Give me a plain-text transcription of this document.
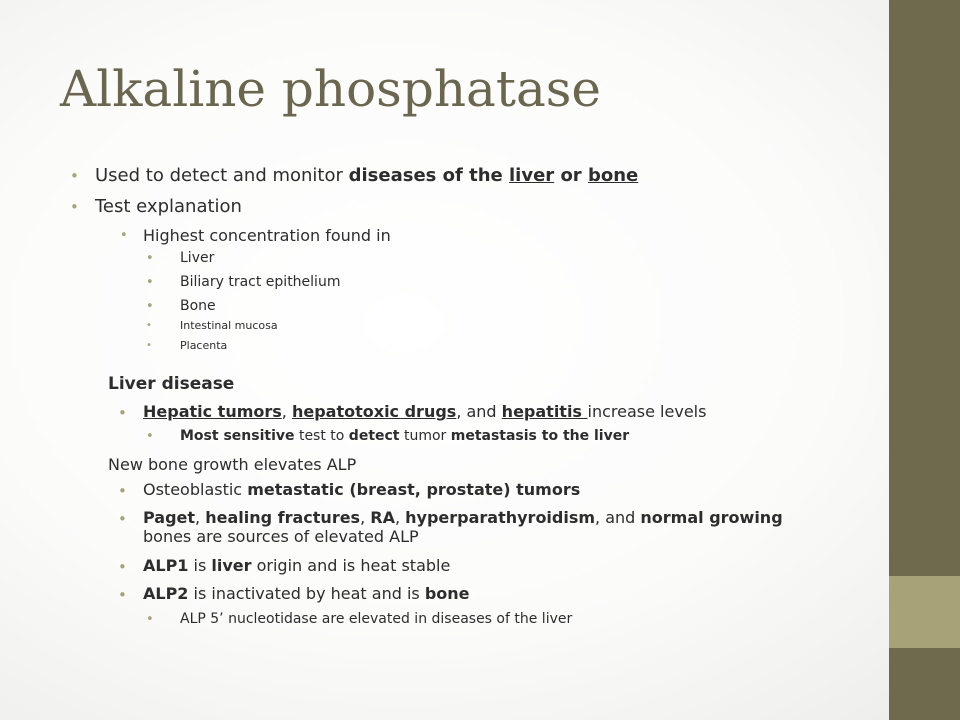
Alkaline phosphatase
• Used to detect and monitor diseases of the liver or bone
• Test explanation
• Highest concentration found in
• Liver
• Biliary tract epithelium
• Bone
•	Intestinal mucosa
•	Placenta
Liver disease
• Hepatic tumors, hepatotoxic drugs, and hepatitis increase levels
• Most sensitive test to detect tumor metastasis to the liver
New bone growth elevates ALP
• Osteoblastic metastatic (breast, prostate) tumors
• Paget, healing fractures, RA, hyperparathyroidism, and normal growing
bones are sources of elevated ALP
• ALP1 is liver origin and is heat stable
• ALP2 is inactivated by heat and is bone
• ALP 5’ nucleotidase are elevated in diseases of the liver
